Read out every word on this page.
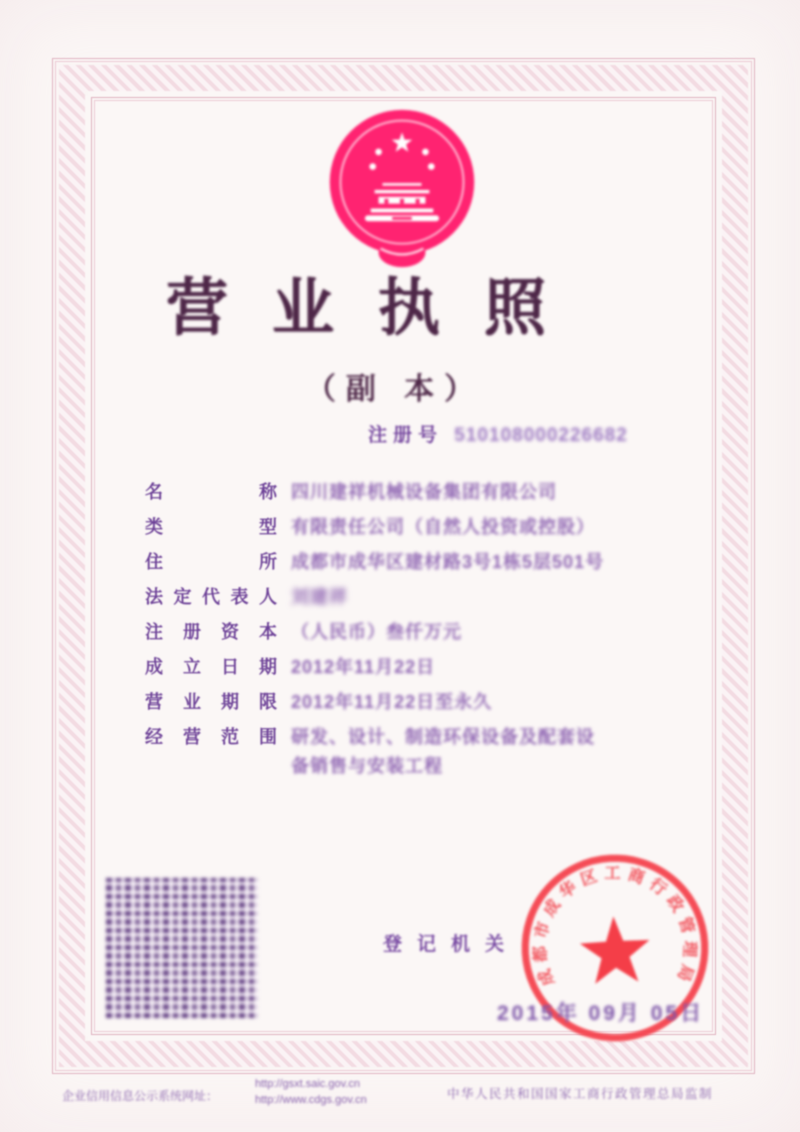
营业执照
（副 本）
注册号 510108000226682
名称 四川建祥机械设备集团有限公司
类型 有限责任公司（自然人投资或控股）
住所 成都市成华区建材路3号1栋5层501号
法定代表人 刘建祥
注册资本 （人民币）叁仟万元
成立日期 2012年11月22日
营业期限 2012年11月22日至永久
经营范围 研发、设计、制造环保设备及配套设
备销售与安装工程
登记机关
成都市成华区工商行政管理局
2015年 09月 05日
企业信用信息公示系统网址：
http://gsxt.saic.gov.cn
http://www.cdgs.gov.cn	中华人民共和国国家工商行政管理总局监制
